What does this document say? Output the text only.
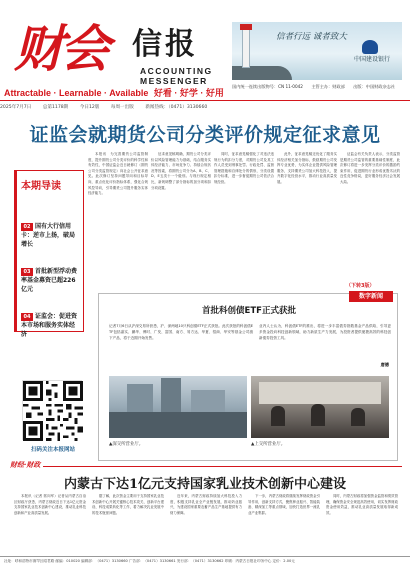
财会 信报
ACCOUNTING
MESSENGER
信者行远 诚者致大
中国建设银行
Attractable · Learnable · Available 好看 · 好学 · 好用
国内统一连续出版物号：CN 11-0042　　主管主办：财政部　　出版：中国财政杂志社
2025年7月7日 总第1178期 今日12版 每周一出版 新闻热线：（0471）3130660
证监会就期货公司分类评价规定征求意见
本期导读
02 国有大行信用卡：逆市上扬，破局增长
03 首批新型浮动费率基金募资已超226亿元
04 证监会：促进资本市场和服务实体经济
本报讯　为完善期货公司监管制度，提升期货公司分类评价的科学性和有效性，中国证监会近日就修订《期货公司分类监管规定》向社会公开征求意见。此次修订坚持问题导向和目标导向，重点优化评价指标体系，强化合规风控导向，引导期货公司提升服务实体经济能力。
征求意见稿明确，期货公司分类评价以风险管理能力为基础，结合服务实体经济能力、市场竞争力、持续合规状况等因素，将期货公司分为A、B、C、D、E五类十一个级别。与现行规定相比，新规调整了部分指标的加分项和扣分项设置。
同时，征求意见稿强化了对违法违规行为的扣分力度，对期货公司及其工作人员受到刑事处罚、行政处罚、监督管理措施和自律处分的情形，分类设置扣分标准，进一步督促期货公司依法合规经营。
此外，征求意见稿还优化了服务实体经济相关加分指标，鼓励期货公司发挥专业优势，为实体企业提供风险管理服务，支持期货公司加大科技投入，提升数字化经营水平，推动行业高质量发展。
证监会有关负责人表示，分类监管是期货公司监管的重要基础性制度，此次修订将进一步发挥分类评价的激励约束作用，促进期货行业形成优胜劣汰的良性竞争格局，更好服务经济社会发展大局。
（下转3版）
数字新闻
首批科创债ETF正式获批
记者7月6日从沪深交易所获悉，沪、深两地10只科创债ETF正式获批。此次获批的科创债ETF包括嘉实、鹏华、博时、广发、富国、南方、易方达、华夏、招商、华安等基金公司旗下产品，将于近期开始发售。
业内人士认为，科创债ETF的推出，将进一步丰富债券指数基金产品供给，引导更多资金投向科技创新领域，助力新质生产力发展，为投资者提供便捷高效的科技创新债券投资工具。
唐德
▲深交所营业厅。	▲上交所营业厅。
扫码关注本报网站
财经·财政
内蒙古下达1亿元支持国家乳业技术创新中心建设
本报讯（记者 郭向军）记者从内蒙古自治区财政厅获悉，内蒙古财政近日下达1亿元资金支持国家乳业技术创新中心建设，推动乳业科技创新和产业高质量发展。
据了解，此次资金主要用于支持国家乳业技术创新中心开展关键核心技术攻关、创新平台建设、科技成果转化等工作，着力解决乳业发展中的技术瓶颈问题。
近年来，内蒙古财政持续加大科技投入力度，积极支持乳业全产业链发展，推动奶业振兴，为建设国家重要农畜产品生产基地提供有力财力保障。
下一步，内蒙古财政将继续发挥财政资金引导作用，创新支持方式，聚焦种业振兴、智能装备、精深加工等重点领域，加快打造世界一流乳业产业集群。
同时，内蒙古财政将加强资金监管和绩效管理，确保资金安全规范高效使用，切实发挥财政资金使用效益，推动乳业高质量发展取得新成效。
社址：呼和浩特市赛罕区昭君路 邮编：010020 编辑部：（0471）3130660 广告部：（0471）3130661 发行部：（0471）3130662 印刷：内蒙古日报社印务中心 定价：2.00元
